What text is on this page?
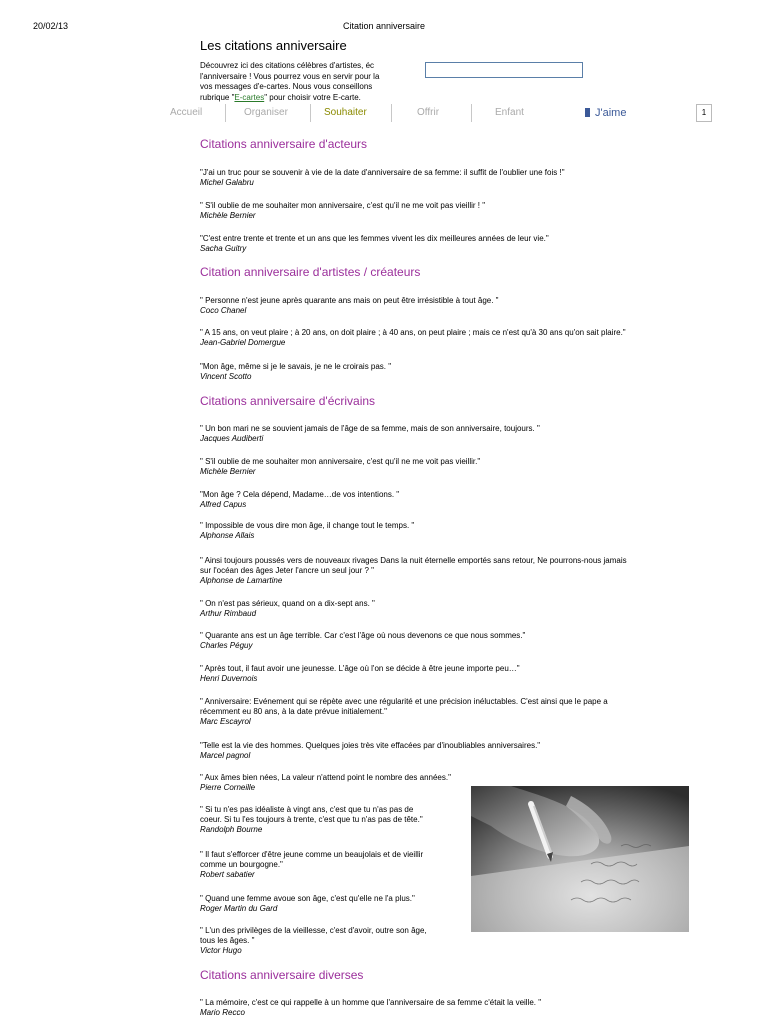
20/02/13	Citation anniversaire
Les citations anniversaire
Découvrez ici des citations célèbres d'artistes, éc
l'anniversaire ! Vous pourrez vous en servir pour la
vos messages d'e-cartes. Nous vous conseillons
rubrique "E-cartes" pour choisir votre E-carte.
Accueil	Organiser	Souhaiter	Offrir	Enfant	J'aime	1
Citations anniversaire d'acteurs
"J'ai un truc pour se souvenir à vie de la date d'anniversaire de sa femme: il suffit de l'oublier une fois !"
Michel Galabru
" S'il oublie de me souhaiter mon anniversaire, c'est qu'il ne me voit pas vieillir ! "
Michèle Bernier
"C'est entre trente et trente et un ans que les femmes vivent les dix meilleures années de leur vie."
Sacha Guitry
Citation anniversaire d'artistes / créateurs
" Personne n'est jeune après quarante ans mais on peut être irrésistible à tout âge. "
Coco Chanel
" A 15 ans, on veut plaire ; à 20 ans, on doit plaire ; à 40 ans, on peut plaire ; mais ce n'est qu'à 30 ans qu'on sait plaire."
Jean-Gabriel Domergue
"Mon âge, même si je le savais, je ne le croirais pas. "
Vincent Scotto
Citations anniversaire d'écrivains
" Un bon mari ne se souvient jamais de l'âge de sa femme, mais de son anniversaire, toujours. "
Jacques Audiberti
" S'il oublie de me souhaiter mon anniversaire, c'est qu'il ne me voit pas vieillir."
Michèle Bernier
"Mon âge ? Cela dépend, Madame…de vos intentions. "
Alfred Capus
" Impossible de vous dire mon âge, il change tout le temps. "
Alphonse Allais
" Ainsi toujours poussés vers de nouveaux rivages Dans la nuit éternelle emportés sans retour, Ne pourrons-nous jamais
sur l'océan des âges Jeter l'ancre un seul jour ? "
Alphonse de Lamartine
" On n'est pas sérieux, quand on a dix-sept ans. "
Arthur Rimbaud
" Quarante ans est un âge terrible. Car c'est l'âge où nous devenons ce que nous sommes."
Charles Péguy
" Après tout, il faut avoir une jeunesse. L'âge où l'on se décide à être jeune importe peu…"
Henri Duvernois
" Anniversaire: Evénement qui se répète avec une régularité et une précision inéluctables. C'est ainsi que le pape a
récemment eu 80 ans, à la date prévue initialement."
Marc Escayrol
"Telle est la vie des hommes. Quelques joies très vite effacées par d'inoubliables anniversaires."
Marcel pagnol
" Aux âmes bien nées, La valeur n'attend point le nombre des années."
Pierre Corneille
" Si tu n'es pas idéaliste à vingt ans, c'est que tu n'as pas de
coeur. Si tu l'es toujours à trente, c'est que tu n'as pas de tête."
Randolph Bourne
" Il faut s'efforcer d'être jeune comme un beaujolais et de vieillir
comme un bourgogne."
Robert sabatier
" Quand une femme avoue son âge, c'est qu'elle ne l'a plus."
Roger Martin du Gard
" L'un des privilèges de la vieillesse, c'est d'avoir, outre son âge,
tous les âges. "
Victor Hugo
Citations anniversaire diverses
" La mémoire, c'est ce qui rappelle à un homme que l'anniversaire de sa femme c'était la veille. "
Mario Recco
